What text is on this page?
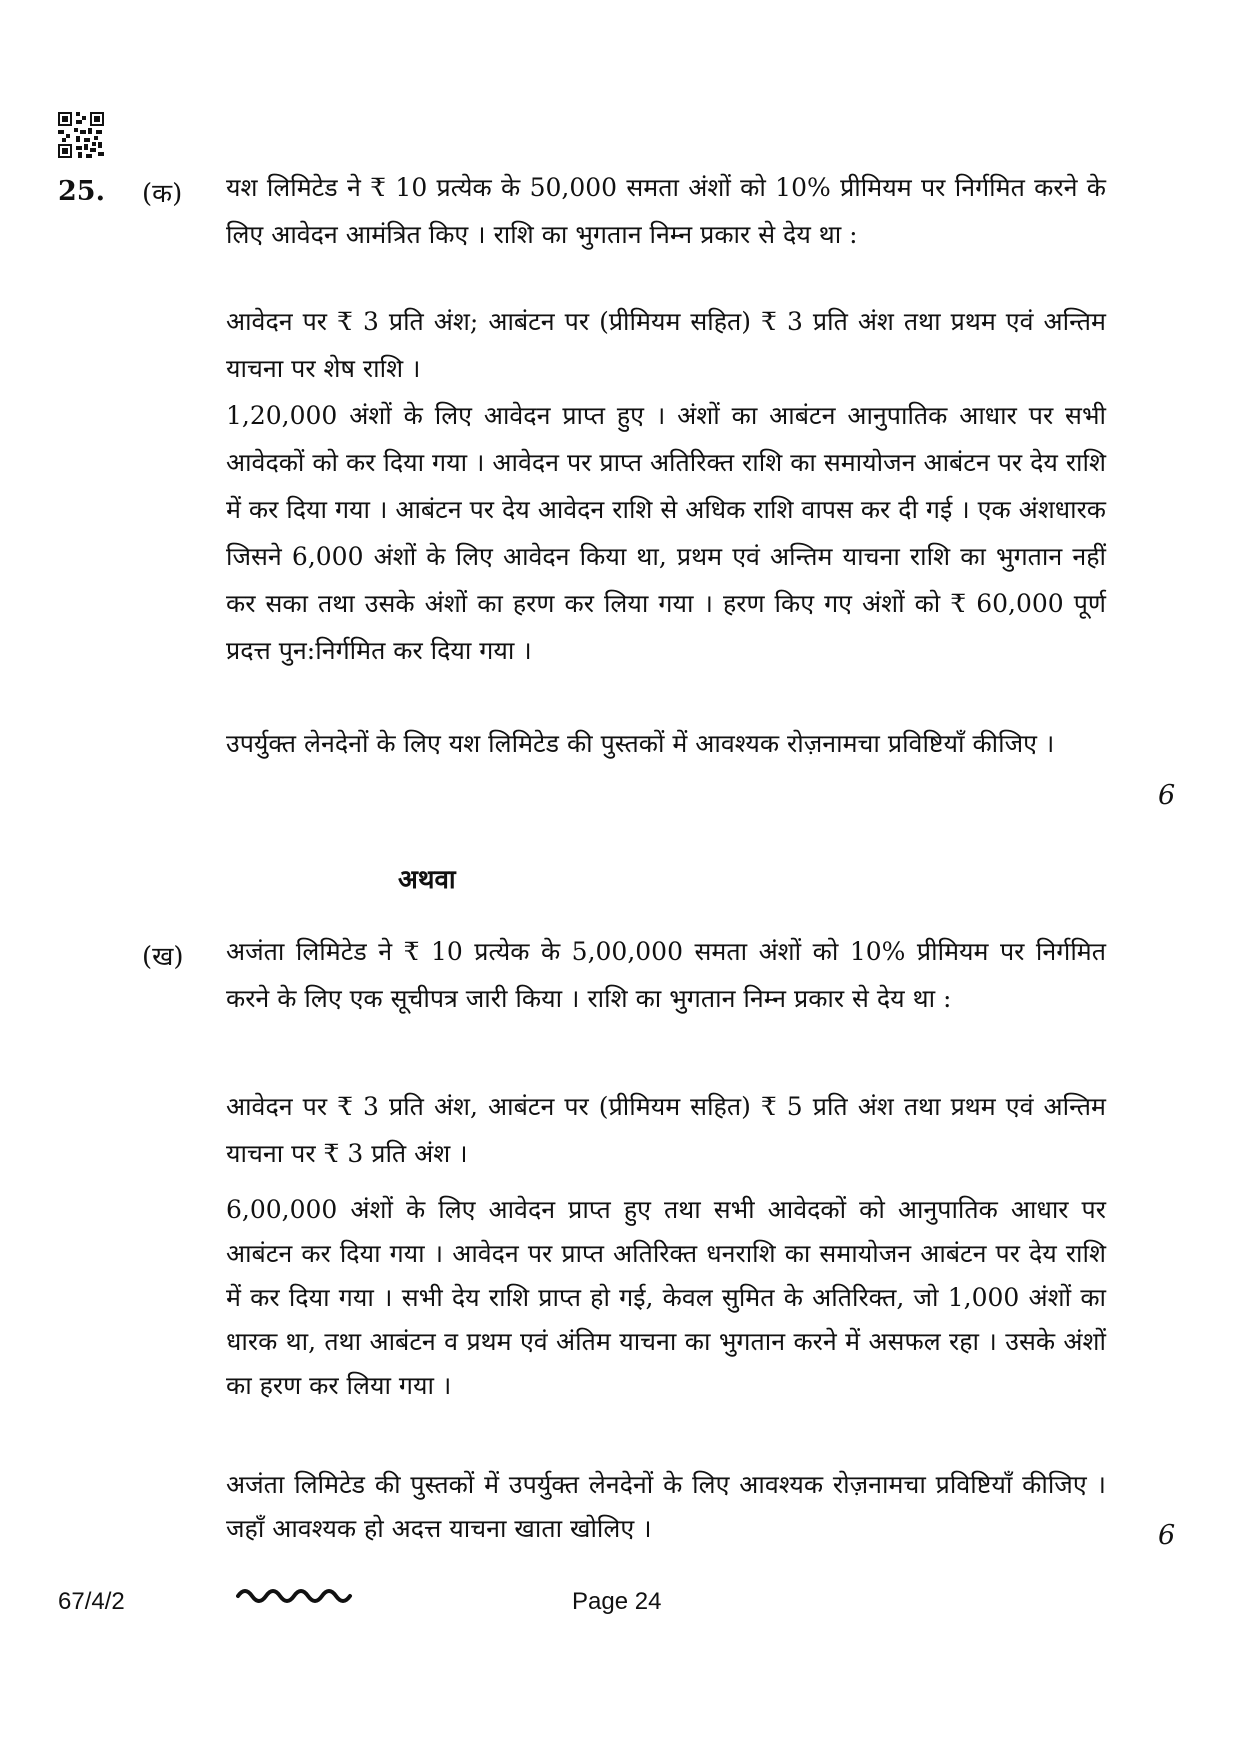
25. (क) यश लिमिटेड ने ₹ 10 प्रत्येक के 50,000 समता अंशों को 10% प्रीमियम पर निर्गमित करने के लिए आवेदन आमंत्रित किए । राशि का भुगतान निम्न प्रकार से देय था :
आवेदन पर ₹ 3 प्रति अंश; आबंटन पर (प्रीमियम सहित) ₹ 3 प्रति अंश तथा प्रथम एवं अन्तिम याचना पर शेष राशि ।
1,20,000 अंशों के लिए आवेदन प्राप्त हुए । अंशों का आबंटन आनुपातिक आधार पर सभी आवेदकों को कर दिया गया । आवेदन पर प्राप्त अतिरिक्त राशि का समायोजन आबंटन पर देय राशि में कर दिया गया । आबंटन पर देय आवेदन राशि से अधिक राशि वापस कर दी गई । एक अंशधारक जिसने 6,000 अंशों के लिए आवेदन किया था, प्रथम एवं अन्तिम याचना राशि का भुगतान नहीं कर सका तथा उसके अंशों का हरण कर लिया गया । हरण किए गए अंशों को ₹ 60,000 पूर्ण प्रदत्त पुन:निर्गमित कर दिया गया ।
उपर्युक्त लेनदेनों के लिए यश लिमिटेड की पुस्तकों में आवश्यक रोज़नामचा प्रविष्टियाँ कीजिए ।
6
अथवा
(ख) अजंता लिमिटेड ने ₹ 10 प्रत्येक के 5,00,000 समता अंशों को 10% प्रीमियम पर निर्गमित करने के लिए एक सूचीपत्र जारी किया । राशि का भुगतान निम्न प्रकार से देय था :
आवेदन पर ₹ 3 प्रति अंश, आबंटन पर (प्रीमियम सहित) ₹ 5 प्रति अंश तथा प्रथम एवं अन्तिम याचना पर ₹ 3 प्रति अंश ।
6,00,000 अंशों के लिए आवेदन प्राप्त हुए तथा सभी आवेदकों को आनुपातिक आधार पर आबंटन कर दिया गया । आवेदन पर प्राप्त अतिरिक्त धनराशि का समायोजन आबंटन पर देय राशि में कर दिया गया । सभी देय राशि प्राप्त हो गई, केवल सुमित के अतिरिक्त, जो 1,000 अंशों का धारक था, तथा आबंटन व प्रथम एवं अंतिम याचना का भुगतान करने में असफल रहा । उसके अंशों का हरण कर लिया गया ।
अजंता लिमिटेड की पुस्तकों में उपर्युक्त लेनदेनों के लिए आवश्यक रोज़नामचा प्रविष्टियाँ कीजिए । जहाँ आवश्यक हो अदत्त याचना खाता खोलिए ।	6
67/4/2	Page 24
